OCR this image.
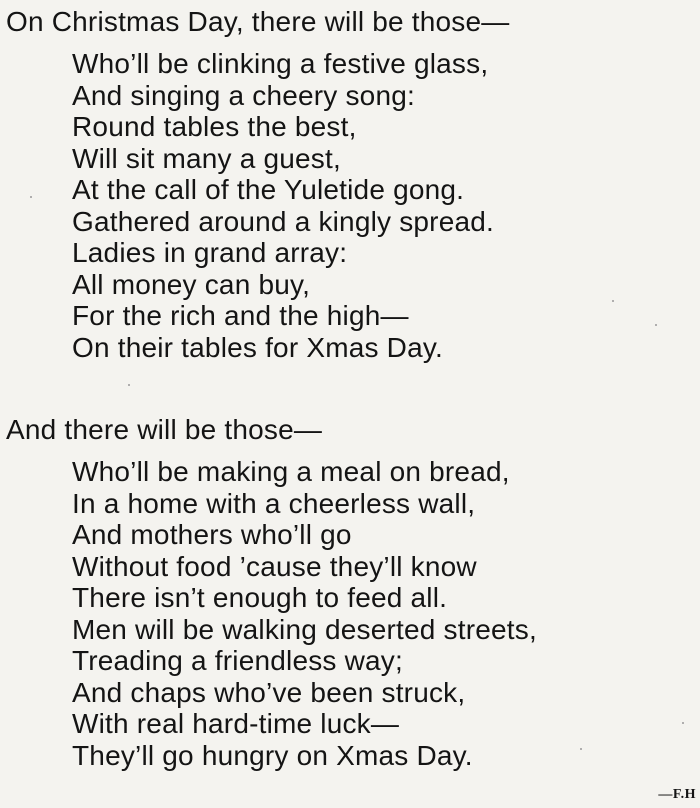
On Christmas Day, there will be those—
Who’ll be clinking a festive glass,
And singing a cheery song:
Round tables the best,
Will sit many a guest,
At the call of the Yuletide gong.
Gathered around a kingly spread.
Ladies in grand array:
All money can buy,
For the rich and the high—
On their tables for Xmas Day.
And there will be those—
Who’ll be making a meal on bread,
In a home with a cheerless wall,
And mothers who’ll go
Without food ’cause they’ll know
There isn’t enough to feed all.
Men will be walking deserted streets,
Treading a friendless way;
And chaps who’ve been struck,
With real hard-time luck—
They’ll go hungry on Xmas Day.
—F.H
